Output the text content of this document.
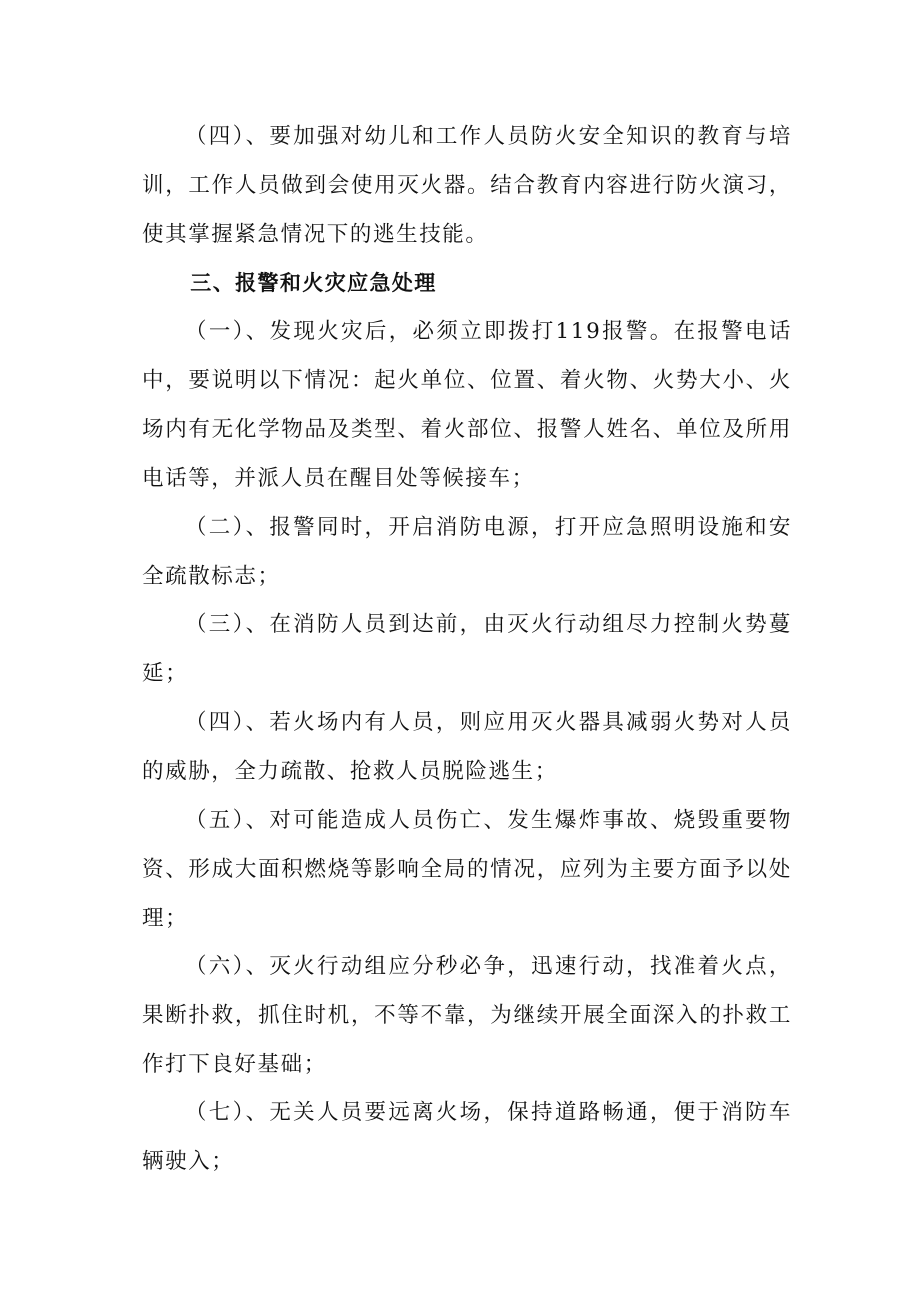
（四）、要加强对幼儿和工作人员防火安全知识的教育与培训，工作人员做到会使用灭火器。结合教育内容进行防火演习，使其掌握紧急情况下的逃生技能。

三、报警和火灾应急处理

（一）、发现火灾后，必须立即拨打119报警。在报警电话中，要说明以下情况：起火单位、位置、着火物、火势大小、火场内有无化学物品及类型、着火部位、报警人姓名、单位及所用电话等，并派人员在醒目处等候接车；

（二）、报警同时，开启消防电源，打开应急照明设施和安全疏散标志；

（三）、在消防人员到达前，由灭火行动组尽力控制火势蔓延；

（四）、若火场内有人员，则应用灭火器具减弱火势对人员的威胁，全力疏散、抢救人员脱险逃生；

（五）、对可能造成人员伤亡、发生爆炸事故、烧毁重要物资、形成大面积燃烧等影响全局的情况，应列为主要方面予以处理；

（六）、灭火行动组应分秒必争，迅速行动，找准着火点，果断扑救，抓住时机，不等不靠，为继续开展全面深入的扑救工作打下良好基础；

（七）、无关人员要远离火场，保持道路畅通，便于消防车辆驶入；
